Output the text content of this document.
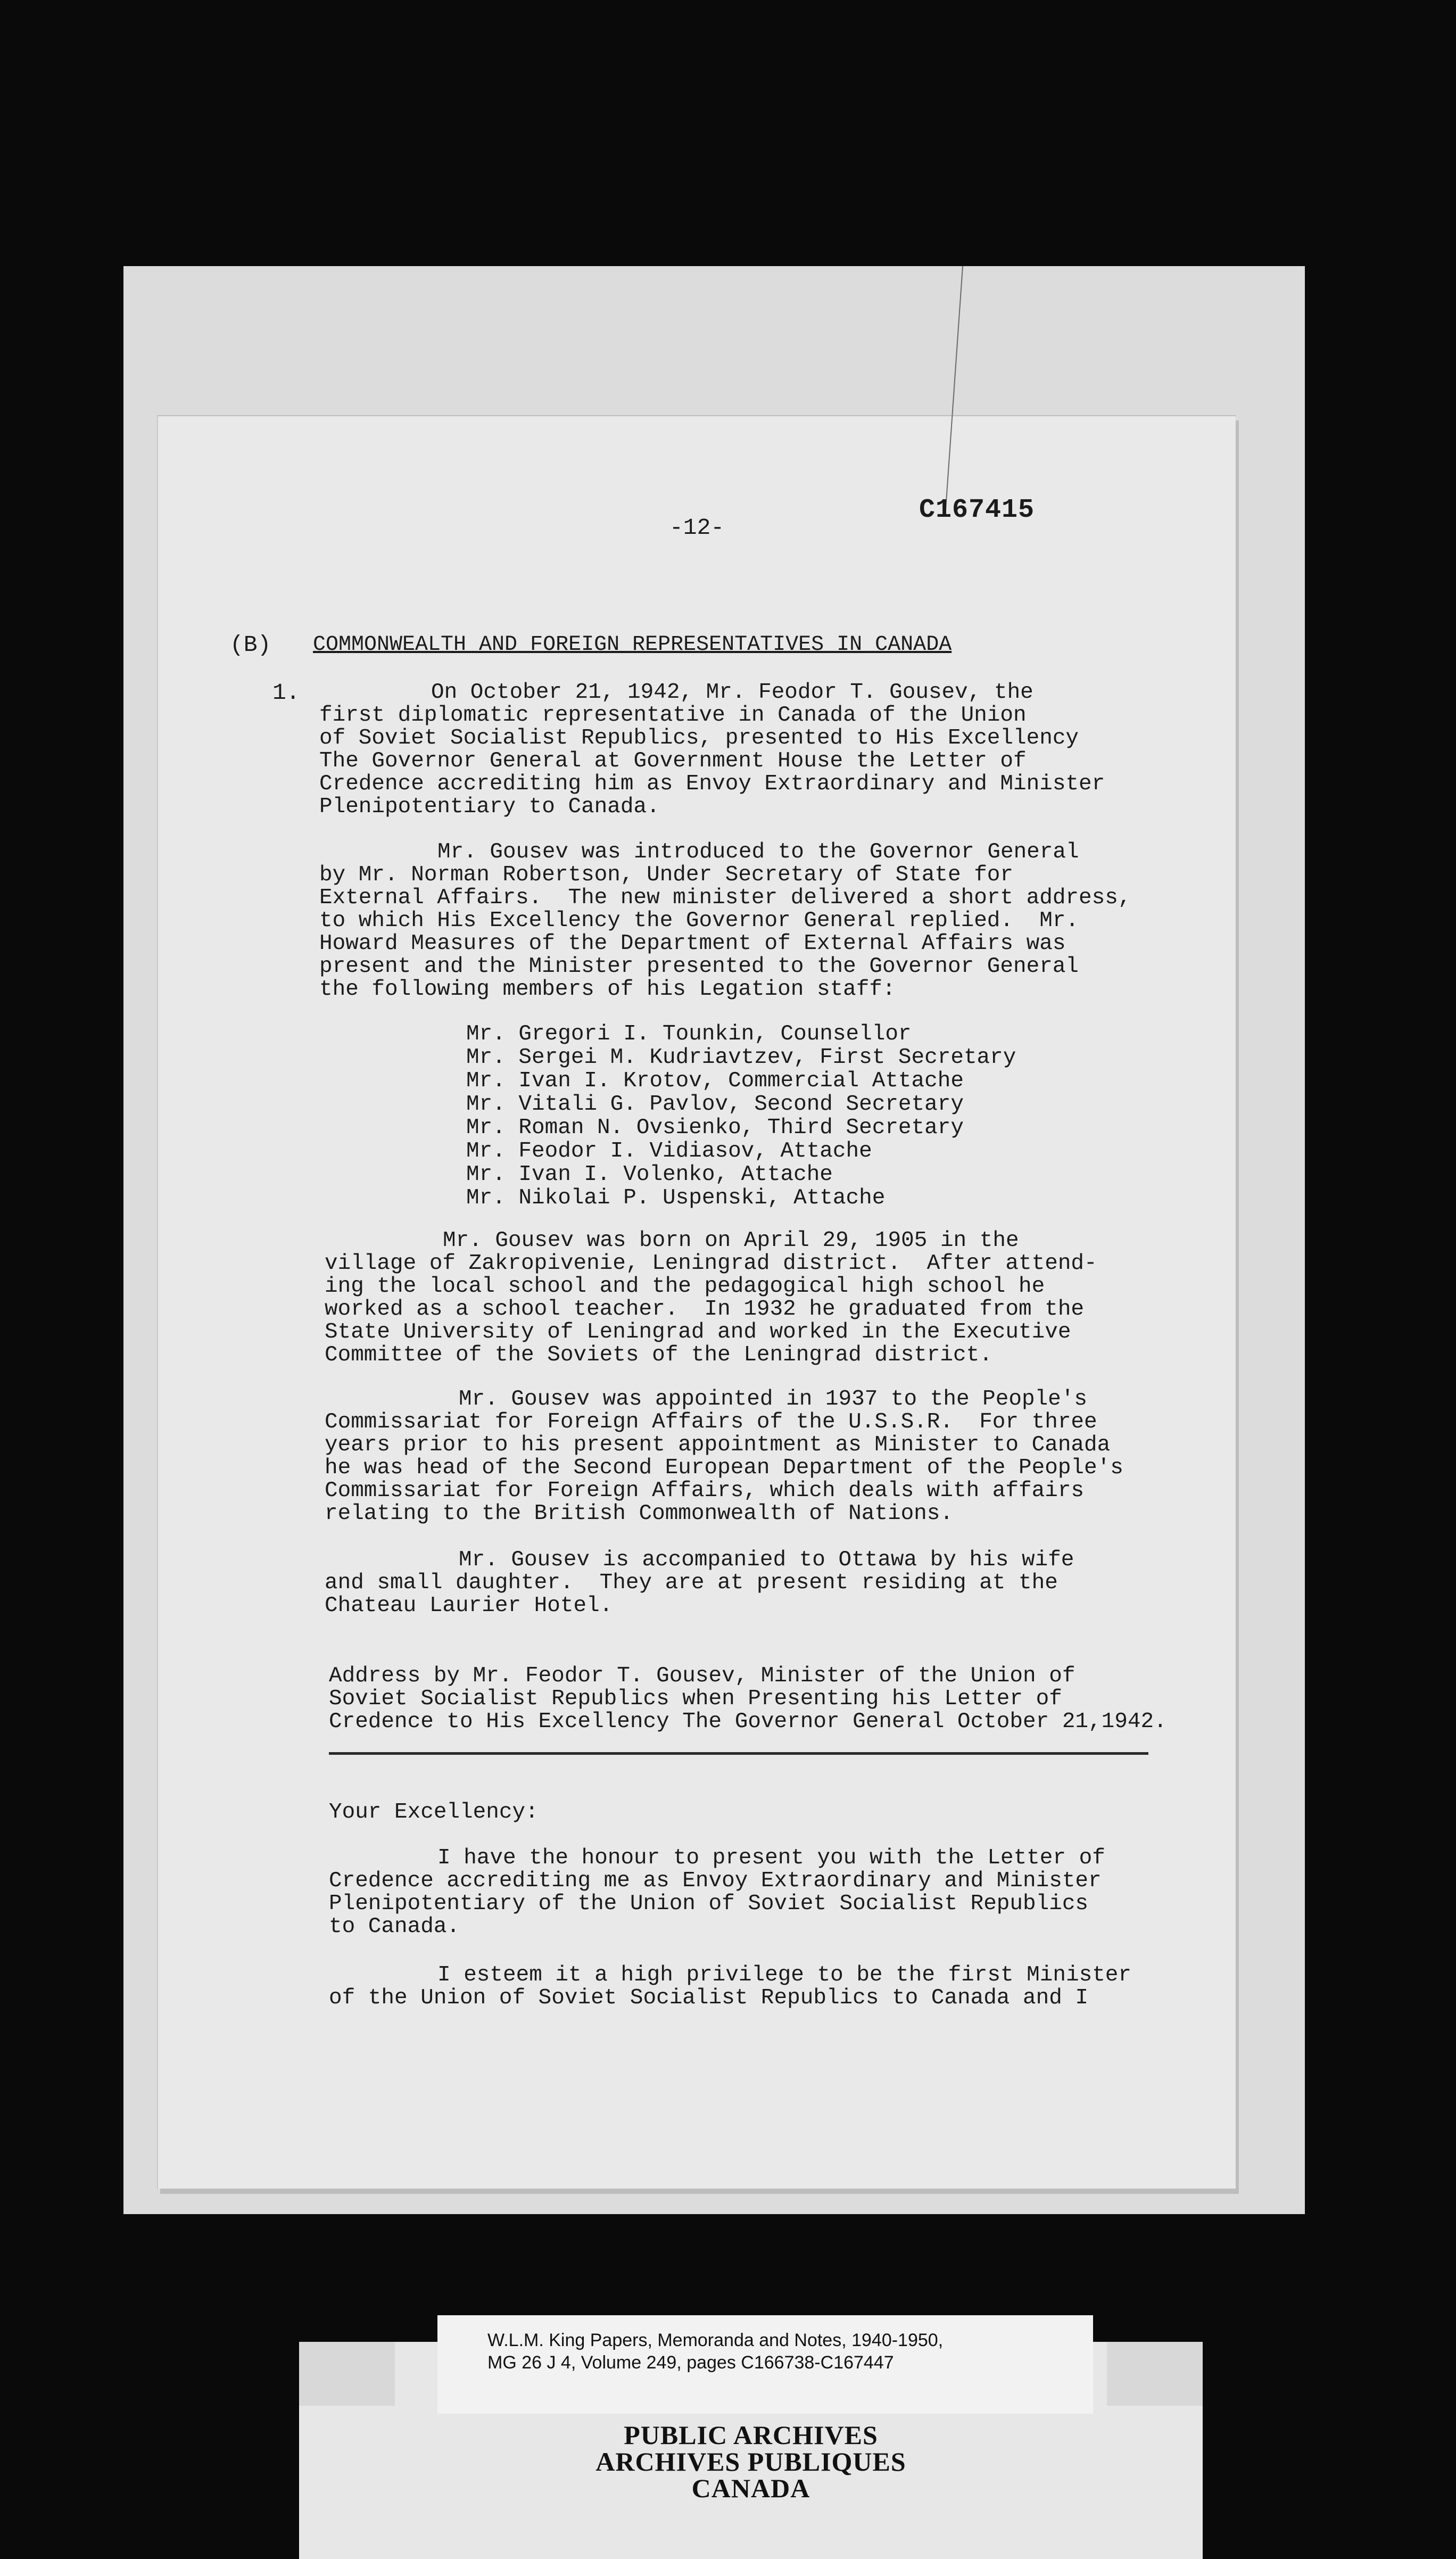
-12-
C167415
(B) COMMONWEALTH AND FOREIGN REPRESENTATIVES IN CANADA
1.	On October 21, 1942, Mr. Feodor T. Gousev, the
first diplomatic representative in Canada of the Union
of Soviet Socialist Republics, presented to His Excellency
The Governor General at Government House the Letter of
Credence accrediting him as Envoy Extraordinary and Minister
Plenipotentiary to Canada.
Mr. Gousev was introduced to the Governor General
by Mr. Norman Robertson, Under Secretary of State for
External Affairs.  The new minister delivered a short address,
to which His Excellency the Governor General replied.  Mr.
Howard Measures of the Department of External Affairs was
present and the Minister presented to the Governor General
the following members of his Legation staff:
Mr. Gregori I. Tounkin, Counsellor
Mr. Sergei M. Kudriavtzev, First Secretary
Mr. Ivan I. Krotov, Commercial Attache
Mr. Vitali G. Pavlov, Second Secretary
Mr. Roman N. Ovsienko, Third Secretary
Mr. Feodor I. Vidiasov, Attache
Mr. Ivan I. Volenko, Attache
Mr. Nikolai P. Uspenski, Attache
Mr. Gousev was born on April 29, 1905 in the
village of Zakropivenie, Leningrad district.  After attend-
ing the local school and the pedagogical high school he
worked as a school teacher.  In 1932 he graduated from the
State University of Leningrad and worked in the Executive
Committee of the Soviets of the Leningrad district.
Mr. Gousev was appointed in 1937 to the People's
Commissariat for Foreign Affairs of the U.S.S.R.  For three
years prior to his present appointment as Minister to Canada
he was head of the Second European Department of the People's
Commissariat for Foreign Affairs, which deals with affairs
relating to the British Commonwealth of Nations.
Mr. Gousev is accompanied to Ottawa by his wife
and small daughter.  They are at present residing at the
Chateau Laurier Hotel.
Address by Mr. Feodor T. Gousev, Minister of the Union of
Soviet Socialist Republics when Presenting his Letter of
Credence to His Excellency The Governor General October 21,1942.
Your Excellency:
I have the honour to present you with the Letter of
Credence accrediting me as Envoy Extraordinary and Minister
Plenipotentiary of the Union of Soviet Socialist Republics
to Canada.
I esteem it a high privilege to be the first Minister
of the Union of Soviet Socialist Republics to Canada and I
W.L.M. King Papers, Memoranda and Notes, 1940-1950,
MG 26 J 4, Volume 249, pages C166738-C167447
PUBLIC ARCHIVES
ARCHIVES PUBLIQUES
CANADA
